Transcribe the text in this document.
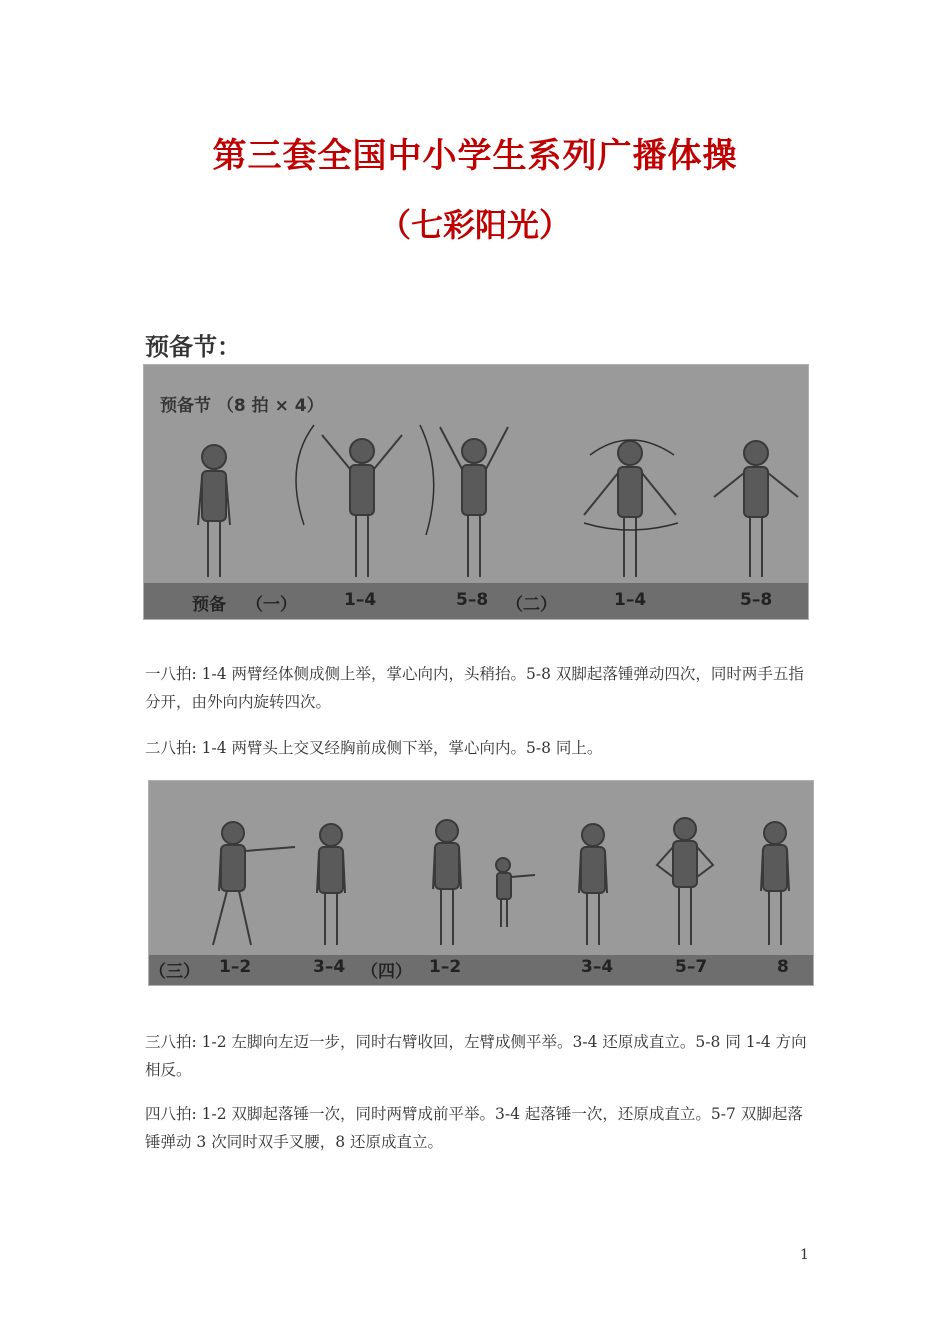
第三套全国中小学生系列广播体操
（七彩阳光）
预备节：
预备节 （8 拍 × 4）
预备 （一）	1–4	5–8 （二）	1–4	5–8

一八拍: 1-4 两臂经体侧成侧上举，掌心向内，头稍抬。5-8 双脚起落锺弹动四次，同时两手五指分开，由外向内旋转四次。

二八拍: 1-4 两臂头上交叉经胸前成侧下举，掌心向内。5-8 同上。

（三） 1–2	3–4 （四） 1–2	3–4	5–7	8

三八拍: 1-2 左脚向左迈一步，同时右臂收回，左臂成侧平举。3-4 还原成直立。5-8 同 1-4 方向相反。

四八拍: 1-2 双脚起落锤一次，同时两臂成前平举。3-4 起落锤一次，还原成直立。5-7 双脚起落锤弹动 3 次同时双手叉腰，8 还原成直立。

1
